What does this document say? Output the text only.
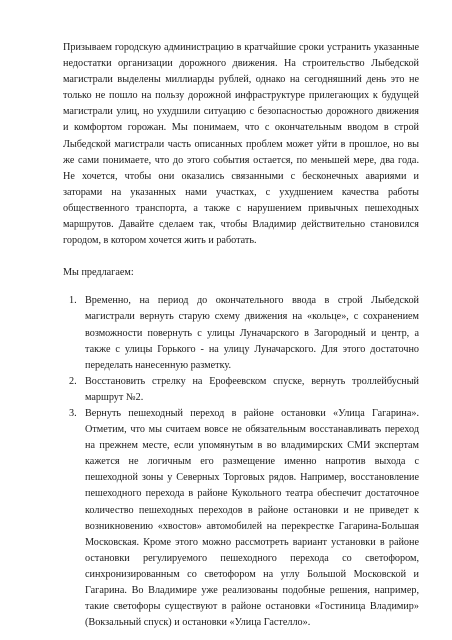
Призываем городскую администрацию в кратчайшие сроки устранить указанные недостатки организации дорожного движения. На строительство Лыбедской магистрали выделены миллиарды рублей, однако на сегодняшний день это не только не пошло на пользу дорожной инфраструктуре прилегающих к будущей магистрали улиц, но ухудшили ситуацию с безопасностью дорожного движения и комфортом горожан. Мы понимаем, что с окончательным вводом в строй Лыбедской магистрали часть описанных проблем может уйти в прошлое, но вы же сами понимаете, что до этого события остается, по меньшей мере, два года. Не хочется, чтобы они оказались связанными с бесконечных авариями и заторами на указанных нами участках, с ухудшением качества работы общественного транспорта, а также с нарушением привычных пешеходных маршрутов. Давайте сделаем так, чтобы Владимир действительно становился городом, в котором хочется жить и работать.

Мы предлагаем:

1. Временно, на период до окончательного ввода в строй Лыбедской магистрали вернуть старую схему движения на «кольце», с сохранением возможности повернуть с улицы Луначарского в Загородный и центр, а также с улицы Горького - на улицу Луначарского. Для этого достаточно переделать нанесенную разметку.
2. Восстановить стрелку на Ерофеевском спуске, вернуть троллейбусный маршрут №2.
3. Вернуть пешеходный переход в районе остановки «Улица Гагарина». Отметим, что мы считаем вовсе не обязательным восстанавливать переход на прежнем месте, если упомянутым в во владимирских СМИ экспертам кажется не логичным его размещение именно напротив выхода с пешеходной зоны у Северных Торговых рядов. Например, восстановление пешеходного перехода в районе Кукольного театра обеспечит достаточное количество пешеходных переходов в районе остановки и не приведет к возникновению «хвостов» автомобилей на перекрестке Гагарина-Большая Московская. Кроме этого можно рассмотреть вариант установки в районе остановки регулируемого пешеходного перехода со светофором, синхронизированным со светофором на углу Большой Московской и Гагарина. Во Владимире уже реализованы подобные решения, например, такие светофоры существуют в районе остановки «Гостиница Владимир» (Вокзальный спуск) и остановки «Улица Гастелло».
